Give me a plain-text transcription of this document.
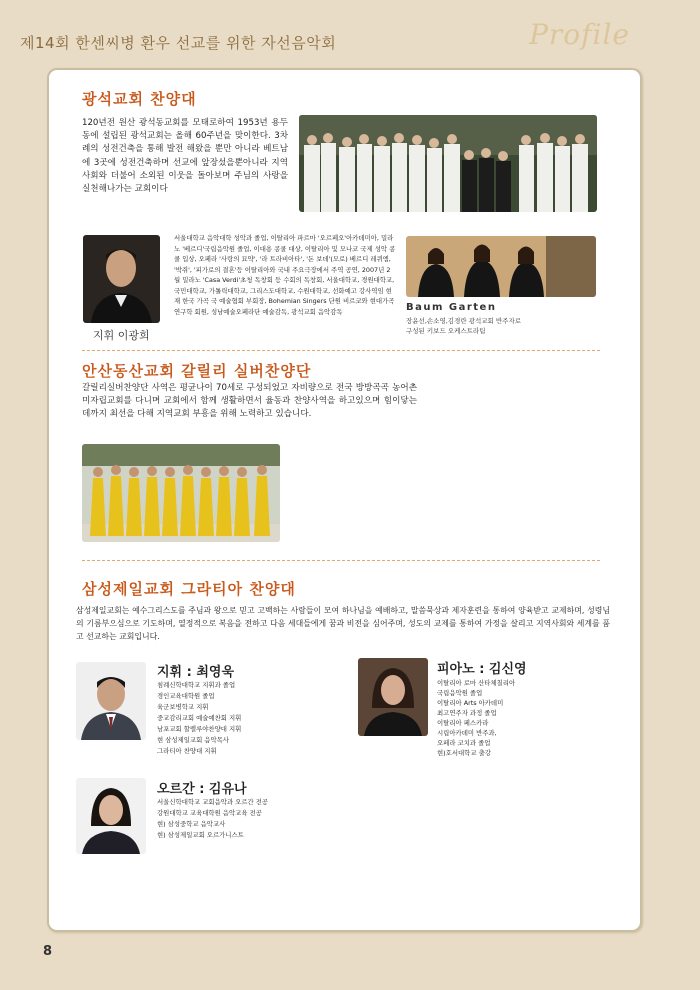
제14회 한센씨병 환우 선교를 위한 자선음악회	Profile
광석교회 찬양대
120년전 원산 광석동교회를 모태로하여 1953년 용두동에 설립된 광석교회는 올해 60주년을 맞이한다. 3차례의 성전건축을 통해 발전 해왔을 뿐만 아니라 베트남에 3곳에 성전건축하며 선교에 앞장섰을뿐아니라 지역사회와 더불어 소외된 이웃을 돌아보며 주님의 사랑을 실천해나가는 교회이다
지휘 이광희
서울대학교 음악대학 성악과 졸업, 이탈리아 파르마 '오르페오'아카데미아, 밀라노 '베르디'국립음악원 졸업, 이대용 콩쿨 대상, 이탈리아 및 모나코 국제 성악 콩쿨 입상, 오페라 '사랑의 묘약', '라 트라비아타', '돈 보데'(모로) 베르디 레퀴엠, '박쥐', '피가로의 결혼'등 이탈리아와 국내 주요극장에서 주역 공연, 2007년 2월 밀라노 'Casa Verdi'초청 독창회 등 수회의 독창회, 서울대학교, 경원대학교, 국민대학교, 가톨릭대학교, 그리스도대학교, 수원대학교, 선화예고 강사역임 현재 한국 가곡 국 예술협회 부회장, Bohemian Singers 단원 비르코와 현대가곡연구학 회원, 성남예술오페라단 예술감독, 광석교회 음악감독	Baum Garten
장윤선,손소영,김경란 광석교회 반주자로
구성된 키보드 오케스트라팀
안산동산교회 갈릴리 실버찬양단
갈릴리실버찬양단 사역은 평균나이 70세로 구성되었고 자비량으로 전국 방방곡곡 농어촌 미자립교회를 다니며 교회에서 함께 생활하면서 율동과 찬양사역을 하고있으며 힘이닿는데까지 최선을 다해 지역교회 부흥을 위해 노력하고 있습니다.
삼성제일교회 그라티아 찬양대
삼성제일교회는 예수그리스도를 주님과 왕으로 믿고 고백하는 사람들이 모여 하나님을 예배하고, 말씀묵상과 제자훈련을 통하여 양육받고 교제하며, 성령님의 기름부으심으로 기도하며, 열정적으로 복음을 전하고 다음 세대들에게 꿈과 비전을 심어주며, 성도의 교제를 통하여 가정을 살리고 지역사회와 세계를 품고 선교하는 교회입니다.
지휘 : 최영욱
침례신학대학교 지휘과 졸업
경인교육대학원 졸업
육군보병학교 지휘
중교감리교회 예술예찬회 지휘
남포교회 할렐루야찬양대 지휘
현 삼성제일교회 음악목사
그라티아 찬양대 지휘
피아노 : 김신영
이탈리아 로마 산타체칠리아
국립음악원 졸업
이탈리아 Arts 아카데미
최고연주자 과정 졸업
이탈리아 페스카라
시립아카데미 반주과,
오페라 코치과 졸업
현)호서대학교 출강
오르간 : 김유나
서울신학대학교 교회음악과 오르간 전공
강원대학교 교육대학원 음악교육 전공
현) 삼성중학교 음악교사
현) 삼성제일교회 오르가니스트
8
